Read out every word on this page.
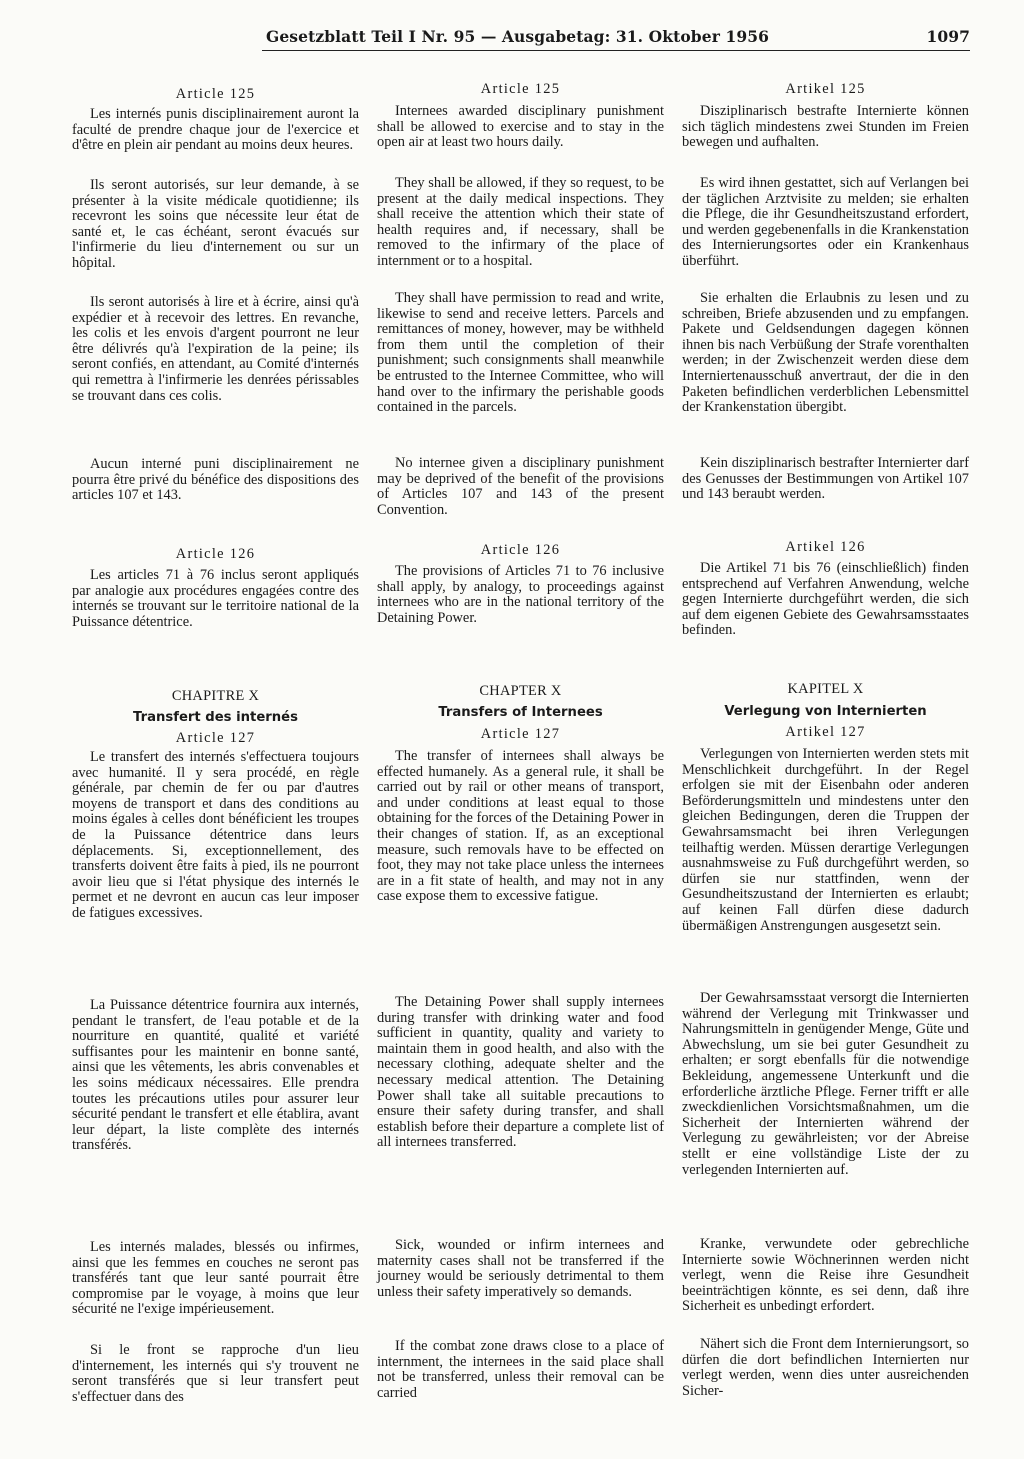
Gesetzblatt Teil I Nr. 95 — Ausgabetag: 31. Oktober 1956	1097
Article 125

Les internés punis disciplinairement auront la faculté de prendre chaque jour de l'exercice et d'être en plein air pendant au moins deux heures.

Ils seront autorisés, sur leur demande, à se présenter à la visite médicale quotidienne; ils recevront les soins que nécessite leur état de santé et, le cas échéant, seront évacués sur l'infirmerie du lieu d'internement ou sur un hôpital.

Ils seront autorisés à lire et à écrire, ainsi qu'à expédier et à recevoir des lettres. En revanche, les colis et les envois d'argent pourront ne leur être délivrés qu'à l'expiration de la peine; ils seront confiés, en attendant, au Comité d'internés qui remettra à l'infirmerie les denrées périssables se trouvant dans ces colis.

Aucun interné puni disciplinairement ne pourra être privé du bénéfice des dispositions des articles 107 et 143.

Article 126

Les articles 71 à 76 inclus seront appliqués par analogie aux procédures engagées contre des internés se trouvant sur le territoire national de la Puissance détentrice.

CHAPITRE X
Transfert des internés
Article 127

Le transfert des internés s'effectuera toujours avec humanité. Il y sera procédé, en règle générale, par chemin de fer ou par d'autres moyens de transport et dans des conditions au moins égales à celles dont bénéficient les troupes de la Puissance détentrice dans leurs déplacements. Si, exceptionnellement, des transferts doivent être faits à pied, ils ne pourront avoir lieu que si l'état physique des internés le permet et ne devront en aucun cas leur imposer de fatigues excessives.

La Puissance détentrice fournira aux internés, pendant le transfert, de l'eau potable et de la nourriture en quantité, qualité et variété suffisantes pour les maintenir en bonne santé, ainsi que les vêtements, les abris convenables et les soins médicaux nécessaires. Elle prendra toutes les précautions utiles pour assurer leur sécurité pendant le transfert et elle établira, avant leur départ, la liste complète des internés transférés.

Les internés malades, blessés ou infirmes, ainsi que les femmes en couches ne seront pas transférés tant que leur santé pourrait être compromise par le voyage, à moins que leur sécurité ne l'exige impérieusement.

Si le front se rapproche d'un lieu d'internement, les internés qui s'y trouvent ne seront transférés que si leur transfert peut s'effectuer dans des

Article 125

Internees awarded disciplinary punishment shall be allowed to exercise and to stay in the open air at least two hours daily.

They shall be allowed, if they so request, to be present at the daily medical inspections. They shall receive the attention which their state of health requires and, if necessary, shall be removed to the infirmary of the place of internment or to a hospital.

They shall have permission to read and write, likewise to send and receive letters. Parcels and remittances of money, however, may be withheld from them until the completion of their punishment; such consignments shall meanwhile be entrusted to the Internee Committee, who will hand over to the infirmary the perishable goods contained in the parcels.

No internee given a disciplinary punishment may be deprived of the benefit of the provisions of Articles 107 and 143 of the present Convention.

Article 126

The provisions of Articles 71 to 76 inclusive shall apply, by analogy, to proceedings against internees who are in the national territory of the Detaining Power.

CHAPTER X
Transfers of Internees
Article 127

The transfer of internees shall always be effected humanely. As a general rule, it shall be carried out by rail or other means of transport, and under conditions at least equal to those obtaining for the forces of the Detaining Power in their changes of station. If, as an exceptional measure, such removals have to be effected on foot, they may not take place unless the internees are in a fit state of health, and may not in any case expose them to excessive fatigue.

The Detaining Power shall supply internees during transfer with drinking water and food sufficient in quantity, quality and variety to maintain them in good health, and also with the necessary clothing, adequate shelter and the necessary medical attention. The Detaining Power shall take all suitable precautions to ensure their safety during transfer, and shall establish before their departure a complete list of all internees transferred.

Sick, wounded or infirm internees and maternity cases shall not be transferred if the journey would be seriously detrimental to them unless their safety imperatively so demands.

If the combat zone draws close to a place of internment, the internees in the said place shall not be transferred, unless their removal can be carried

Artikel 125

Disziplinarisch bestrafte Internierte können sich täglich mindestens zwei Stunden im Freien bewegen und aufhalten.

Es wird ihnen gestattet, sich auf Verlangen bei der täglichen Arztvisite zu melden; sie erhalten die Pflege, die ihr Gesundheitszustand erfordert, und werden gegebenenfalls in die Krankenstation des Internierungsortes oder ein Krankenhaus überführt.

Sie erhalten die Erlaubnis zu lesen und zu schreiben, Briefe abzusenden und zu empfangen. Pakete und Geldsendungen dagegen können ihnen bis nach Verbüßung der Strafe vorenthalten werden; in der Zwischenzeit werden diese dem Interniertenausschuß anvertraut, der die in den Paketen befindlichen verderblichen Lebensmittel der Krankenstation übergibt.

Kein disziplinarisch bestrafter Internierter darf des Genusses der Bestimmungen von Artikel 107 und 143 beraubt werden.

Artikel 126

Die Artikel 71 bis 76 (einschließlich) finden entsprechend auf Verfahren Anwendung, welche gegen Internierte durchgeführt werden, die sich auf dem eigenen Gebiete des Gewahrsamsstaates befinden.

KAPITEL X
Verlegung von Internierten
Artikel 127

Verlegungen von Internierten werden stets mit Menschlichkeit durchgeführt. In der Regel erfolgen sie mit der Eisenbahn oder anderen Beförderungsmitteln und mindestens unter den gleichen Bedingungen, deren die Truppen der Gewahrsamsmacht bei ihren Verlegungen teilhaftig werden. Müssen derartige Verlegungen ausnahmsweise zu Fuß durchgeführt werden, so dürfen sie nur stattfinden, wenn der Gesundheitszustand der Internierten es erlaubt; auf keinen Fall dürfen diese dadurch übermäßigen Anstrengungen ausgesetzt sein.

Der Gewahrsamsstaat versorgt die Internierten während der Verlegung mit Trinkwasser und Nahrungsmitteln in genügender Menge, Güte und Abwechslung, um sie bei guter Gesundheit zu erhalten; er sorgt ebenfalls für die notwendige Bekleidung, angemessene Unterkunft und die erforderliche ärztliche Pflege. Ferner trifft er alle zweckdienlichen Vorsichtsmaßnahmen, um die Sicherheit der Internierten während der Verlegung zu gewährleisten; vor der Abreise stellt er eine vollständige Liste der zu verlegenden Internierten auf.

Kranke, verwundete oder gebrechliche Internierte sowie Wöchnerinnen werden nicht verlegt, wenn die Reise ihre Gesundheit beeinträchtigen könnte, es sei denn, daß ihre Sicherheit es unbedingt erfordert.

Nähert sich die Front dem Internierungsort, so dürfen die dort befindlichen Internierten nur verlegt werden, wenn dies unter ausreichenden Sicher-
